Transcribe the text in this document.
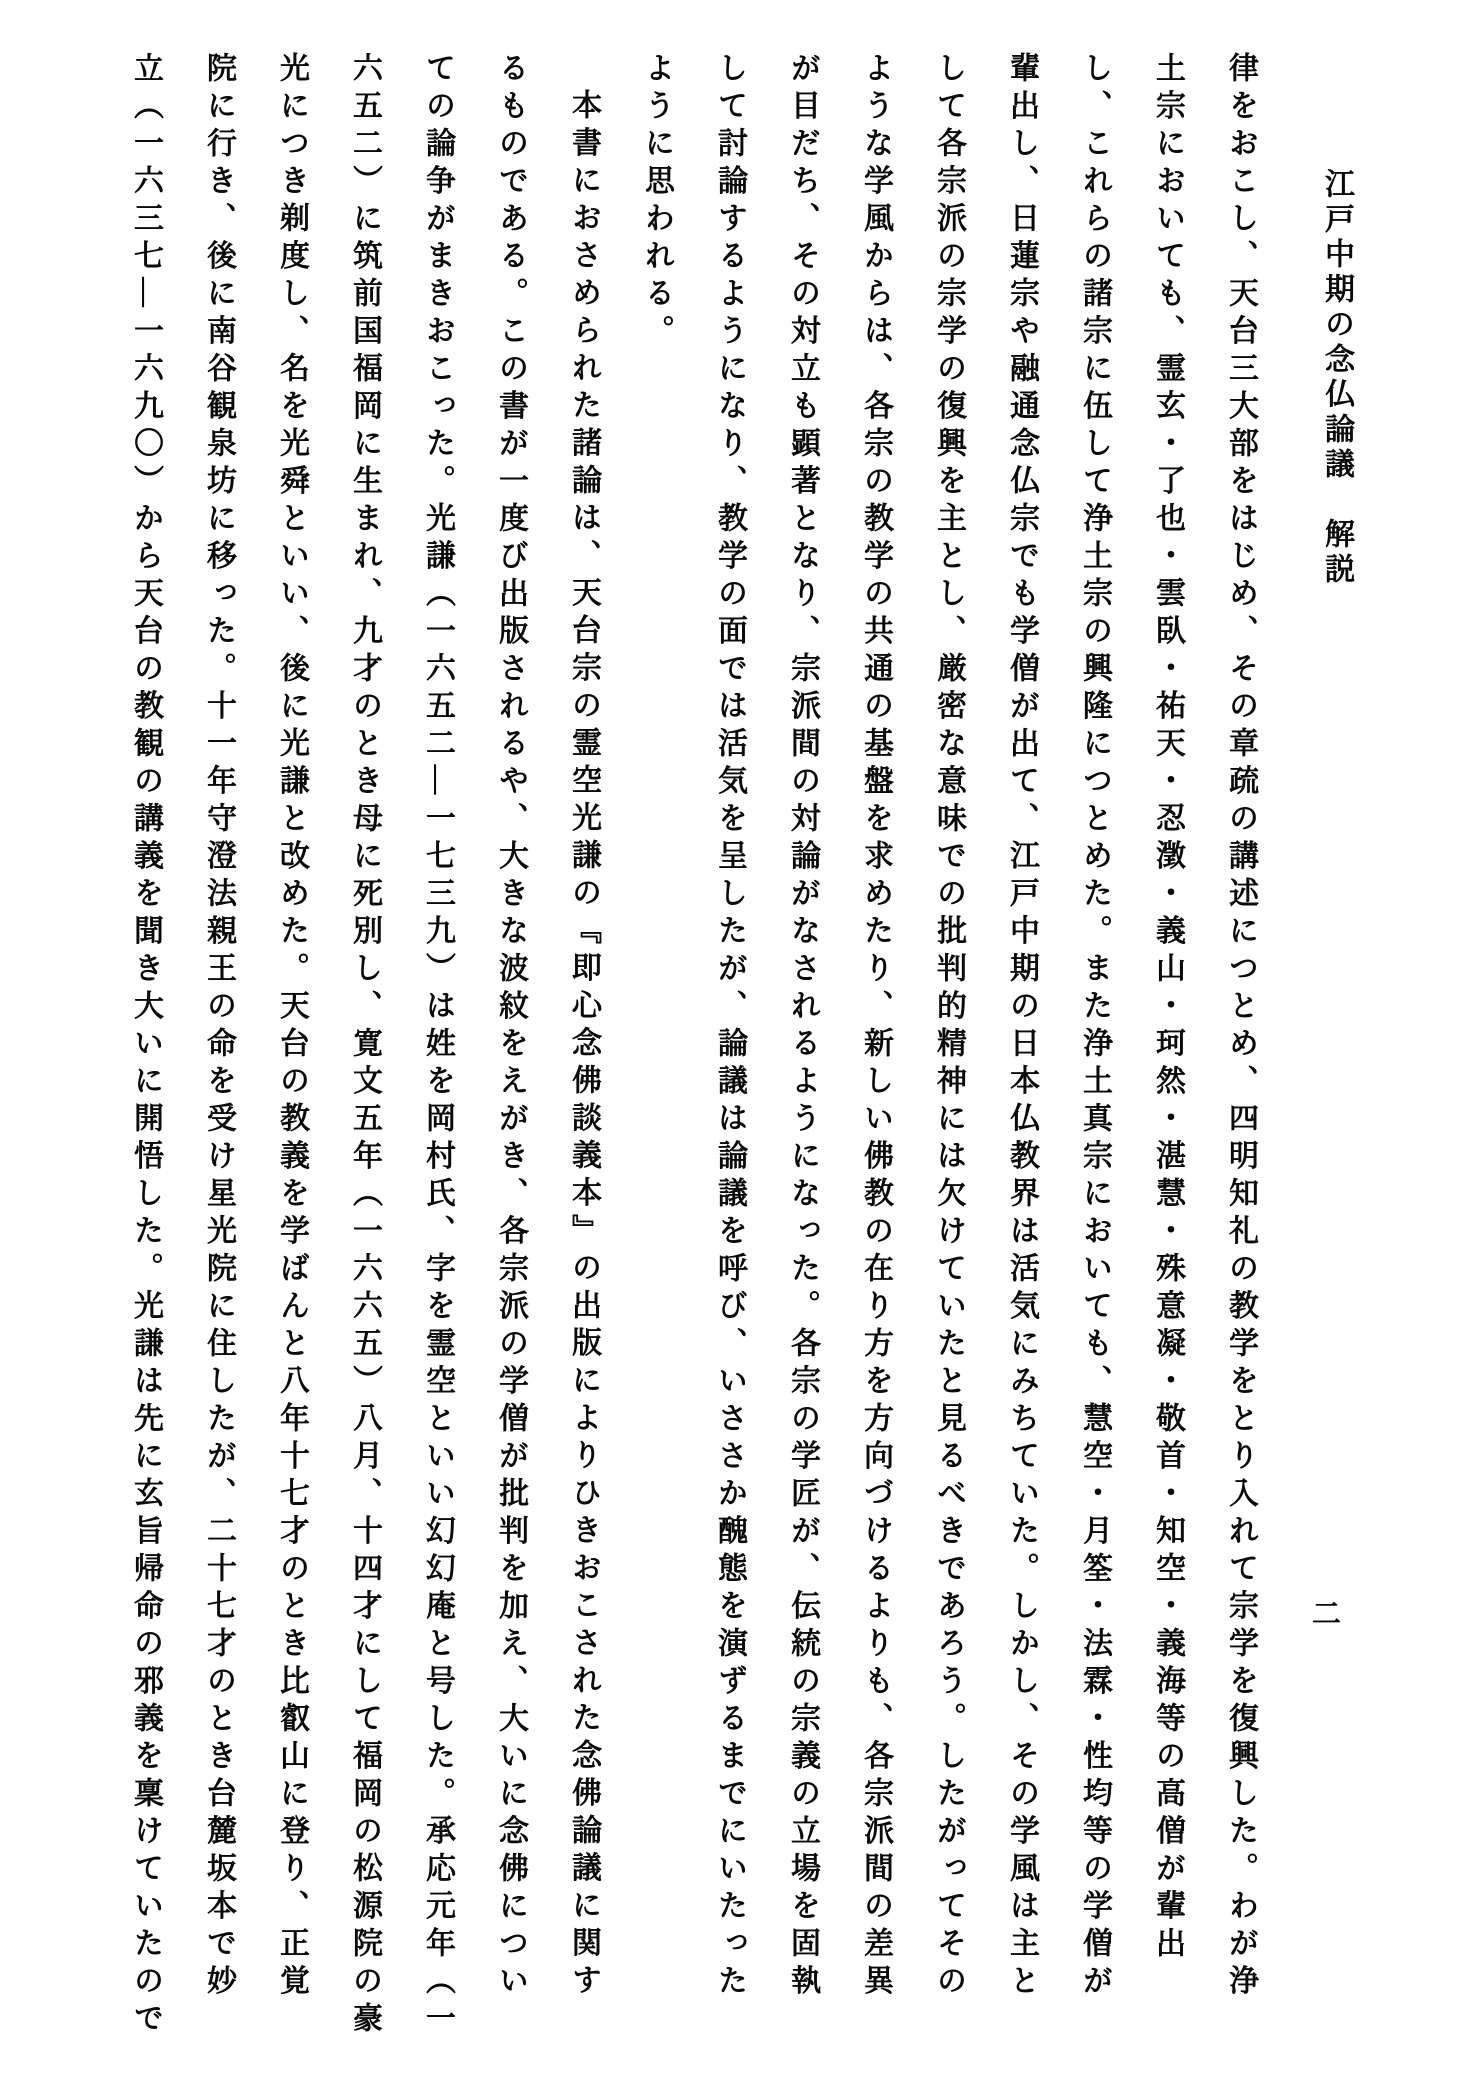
江戸中期の念仏論議　解説
二
律をおこし、天台三大部をはじめ、その章疏の講述につとめ、四明知礼の教学をとり入れて宗学を復興した。わが浄
土宗においても、霊玄・了也・雲臥・祐天・忍澂・義山・珂然・湛慧・殊意凝・敬首・知空・義海等の高僧が輩出
し、これらの諸宗に伍して浄土宗の興隆につとめた。また浄土真宗においても、慧空・月筌・法霖・性均等の学僧が
輩出し、日蓮宗や融通念仏宗でも学僧が出て、江戸中期の日本仏教界は活気にみちていた。しかし、その学風は主と
して各宗派の宗学の復興を主とし、厳密な意味での批判的精神には欠けていたと見るべきであろう。したがってその
ような学風からは、各宗の教学の共通の基盤を求めたり、新しい佛教の在り方を方向づけるよりも、各宗派間の差異
が目だち、その対立も顕著となり、宗派間の対論がなされるようになった。各宗の学匠が、伝統の宗義の立場を固執
して討論するようになり、教学の面では活気を呈したが、論議は論議を呼び、いささか醜態を演ずるまでにいたった
ように思われる。
本書におさめられた諸論は、天台宗の霊空光謙の『即心念佛談義本』の出版によりひきおこされた念佛論議に関す
るものである。この書が一度び出版されるや、大きな波紋をえがき、各宗派の学僧が批判を加え、大いに念佛につい
ての論争がまきおこった。光謙（一六五二―一七三九）は姓を岡村氏、字を霊空といい幻幻庵と号した。承応元年（一
六五二）に筑前国福岡に生まれ、九才のとき母に死別し、寛文五年（一六六五）八月、十四才にして福岡の松源院の豪
光につき剃度し、名を光舜といい、後に光謙と改めた。天台の教義を学ばんと八年十七才のとき比叡山に登り、正覚
院に行き、後に南谷観泉坊に移った。十一年守澄法親王の命を受け星光院に住したが、二十七才のとき台麓坂本で妙
立（一六三七―一六九〇）から天台の教観の講義を聞き大いに開悟した。光謙は先に玄旨帰命の邪義を稟けていたので
